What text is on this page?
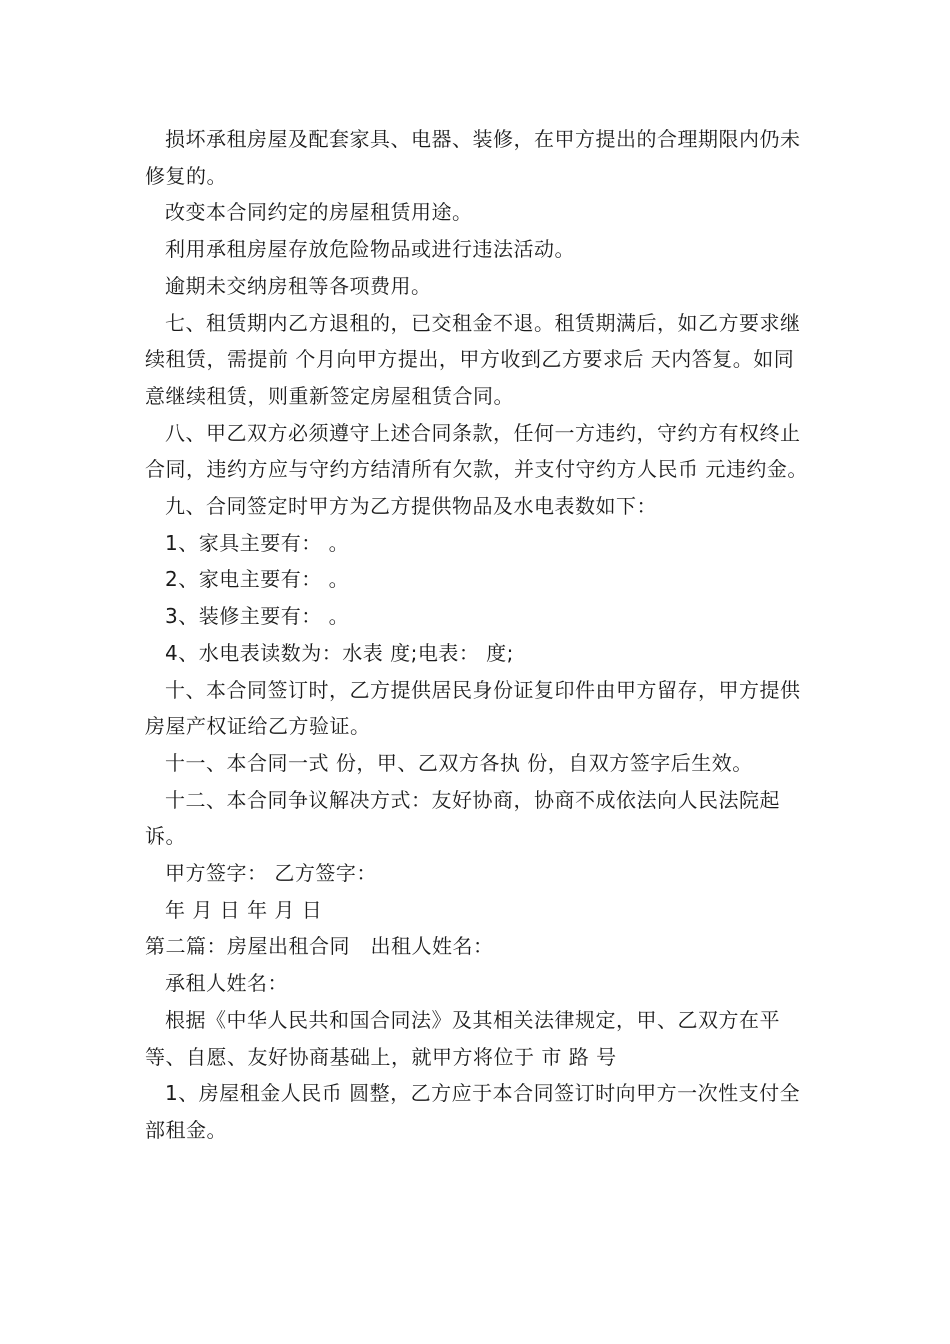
损坏承租房屋及配套家具、电器、装修，在甲方提出的合理期限内仍未修复的。

改变本合同约定的房屋租赁用途。

利用承租房屋存放危险物品或进行违法活动。

逾期未交纳房租等各项费用。

七、租赁期内乙方退租的，已交租金不退。租赁期满后，如乙方要求继续租赁，需提前 个月向甲方提出，甲方收到乙方要求后 天内答复。如同意继续租赁，则重新签定房屋租赁合同。

八、甲乙双方必须遵守上述合同条款，任何一方违约，守约方有权终止合同，违约方应与守约方结清所有欠款，并支付守约方人民币 元违约金。

九、合同签定时甲方为乙方提供物品及水电表数如下：

1、家具主要有： 。

2、家电主要有： 。

3、装修主要有： 。

4、水电表读数为：水表 度;电表： 度;

十、本合同签订时，乙方提供居民身份证复印件由甲方留存，甲方提供房屋产权证给乙方验证。

十一、本合同一式 份，甲、乙双方各执 份，自双方签字后生效。

十二、本合同争议解决方式：友好协商，协商不成依法向人民法院起诉。

甲方签字： 乙方签字：

年 月 日 年 月 日

第二篇：房屋出租合同　出租人姓名：

承租人姓名：

根据《中华人民共和国合同法》及其相关法律规定，甲、乙双方在平等、自愿、友好协商基础上，就甲方将位于 市 路 号

1、房屋租金人民币 圆整，乙方应于本合同签订时向甲方一次性支付全部租金。
